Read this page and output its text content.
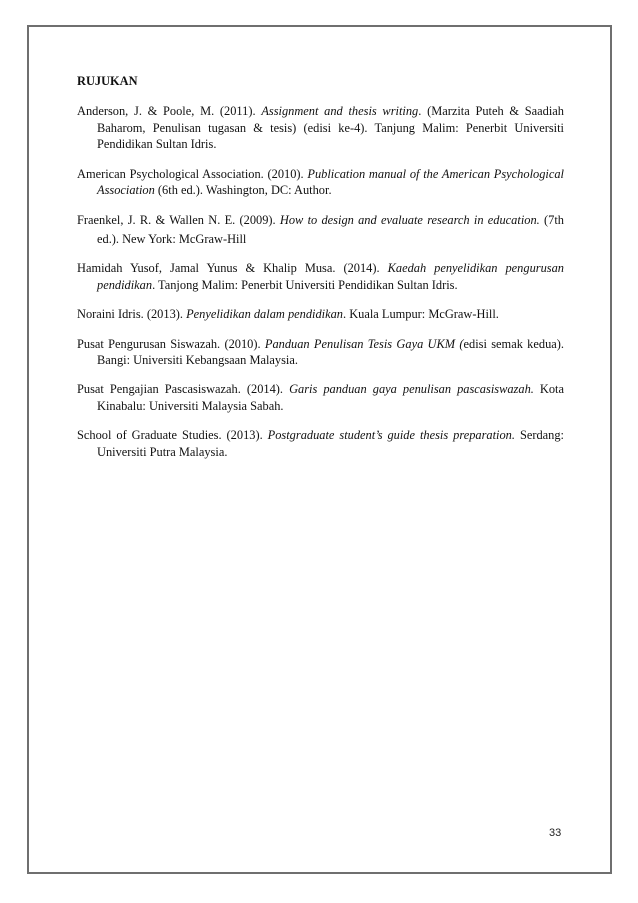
RUJUKAN

Anderson, J. & Poole, M. (2011). Assignment and thesis writing. (Marzita Puteh & Saadiah Baharom, Penulisan tugasan & tesis) (edisi ke-4). Tanjung Malim: Penerbit Universiti Pendidikan Sultan Idris.

American Psychological Association. (2010). Publication manual of the American Psychological Association (6th ed.). Washington, DC: Author.

Fraenkel, J. R. & Wallen N. E. (2009). How to design and evaluate research in education. (7th ed.). New York: McGraw-Hill

Hamidah Yusof, Jamal Yunus & Khalip Musa. (2014). Kaedah penyelidikan pengurusan pendidikan. Tanjong Malim: Penerbit Universiti Pendidikan Sultan Idris.

Noraini Idris. (2013). Penyelidikan dalam pendidikan. Kuala Lumpur: McGraw-Hill.

Pusat Pengurusan Siswazah. (2010). Panduan Penulisan Tesis Gaya UKM (edisi semak kedua). Bangi: Universiti Kebangsaan Malaysia.

Pusat Pengajian Pascasiswazah. (2014). Garis panduan gaya penulisan pascasiswazah. Kota Kinabalu: Universiti Malaysia Sabah.

School of Graduate Studies. (2013). Postgraduate student’s guide thesis preparation. Serdang: Universiti Putra Malaysia.

33
